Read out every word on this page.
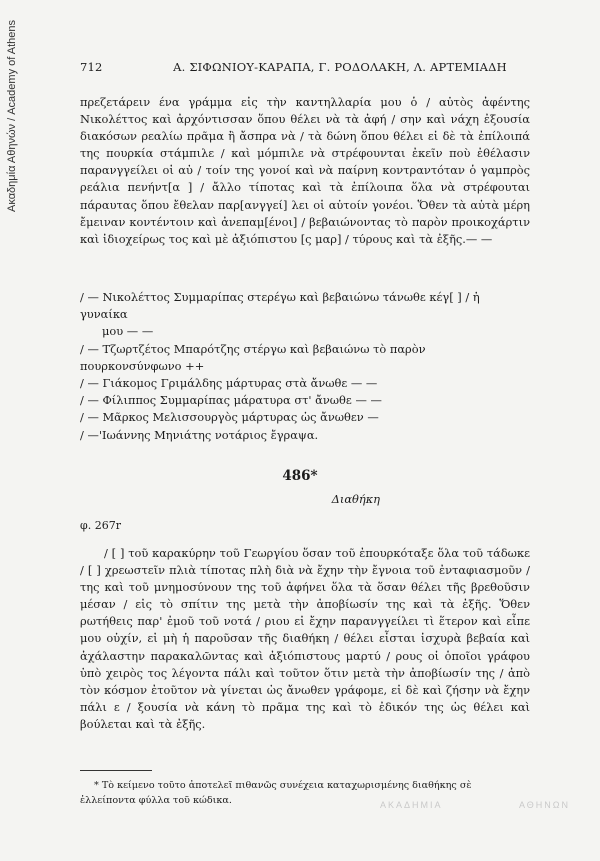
Ακαδημία Αθηνών / Academy of Athens	712	Α. ΣΙΦΩΝΙΟΥ-ΚΑΡΑΠΑ, Γ. ΡΟΔΟΛΑΚΗ, Λ. ΑΡΤΕΜΙΑΔΗ

πρεζετάρειν ένα γράμμα εἰς τὴν καντηλλαρία μου ὁ / αὐτὸς ἀφέντης Νικολέττος καὶ ἀρχόντισσαν ὅπου θέλει νὰ τὰ ἀφή / σην καὶ νάχη ἐξουσία διακόσων ρεαλίω πρᾶμα ἢ ἄσπρα νὰ / τὰ δώνη ὅπου θέλει εἰ δὲ τὰ ἐπίλοιπά της πουρκία στάμπιλε / καὶ μόμπιλε νὰ στρέφουνται ἐκεῖν ποὺ ἐθέλασιν παρανγγείλει οἱ αὐ / τοίν της γονοί καὶ νὰ παίρνη κοντραντόταν ὁ γαμπρὸς ρεάλια πενήντ[α ] / ἄλλο τίποτας καὶ τὰ ἐπίλοιπα ὅλα νὰ στρέφουται πάραυτας ὅπου ἔθελαν παρ[ανγγεί] λει οἱ αὐτοίν γονέοι. Ὅθεν τὰ αὐτὰ μέρη ἔμειναν κοντέντοιν καὶ ἀνεπαμ[ένοι] / βεβαιώνοντας τὸ παρὸν προικοχάρτιν καὶ ἰδιοχείρως τος καὶ μὲ ἀξιόπιστου [ς μαρ] / τύρους καὶ τὰ ἐξῆς.— —

/ — Νικολέττος Συμμαρίπας στερέγω καὶ βεβαιώνω τάνωθε κέγ[ ] / ἡ γυναίκα
μου — —
/ — Τζωρτζέτος Μπαρότζης στέργω καὶ βεβαιώνω τὸ παρὸν πουρκονσύνφωνο ++
/ — Γιάκομος Γριμάλδης μάρτυρας στὰ ἄνωθε — —
/ — Φίλιππος Συμμαρίπας μάρατυρα στ' ἄνωθε — —
/ — Μᾶρκος Μελισσουργὸς μάρτυρας ὡς ἄνωθεν —
/ —'Ιωάννης Μηνιάτης νοτάριος ἔγραψα.
486*
Διαθήκη
φ. 267r

/ [ ] τοῦ καρακύρην τοῦ Γεωργίου ὅσαν τοῦ ἐπουρκόταξε ὅλα τοῦ τάδωκε / [ ] χρεωστεῖν πλιὰ τίποτας πλὴ διὰ νὰ ἔχην τὴν ἔγνοια τοῦ ἐνταφιασμοῦν / της καὶ τοῦ μνημοσύνουν της τοῦ ἀφήνει ὅλα τὰ ὅσαν θέλει τῆς βρεθοῦσιν μέσαν / εἰς τὸ σπίτιν της μετὰ τὴν ἀποβίωσίν της καὶ τὰ ἐξῆς. Ὅθεν ρωτήθεις παρ' ἐμοῦ τοῦ νοτά / ριου εἰ ἔχην παρανγγείλει τὶ ἕτερον καὶ εἶπε μου οὐχίν, εἰ μὴ ἡ παροῦσαν τῆς διαθήκη / θέλει εἶσται ἰσχυρὰ βεβαία καὶ ἀχάλαστην παρακαλῶντας καὶ ἀξιόπιστους μαρτύ / ρους οἱ ὁποῖοι γράφου ὑπὸ χειρὸς τος λέγοντα πάλι καὶ τοῦτον ὅτιν μετὰ τὴν ἀποβίωσίν της / ἀπὸ τὸν κόσμον ἐτοῦτον νὰ γίνεται ὡς ἄνωθεν γράφομε, εἰ δὲ καὶ ζήσην νὰ ἔχην πάλι ε / ξουσία νὰ κάνη τὸ πρᾶμα της καὶ τὸ ἐδικόν της ὡς θέλει καὶ βούλεται καὶ τὰ ἐξῆς.

* Τὸ κείμενο τοῦτο ἀποτελεῖ πιθανῶς συνέχεια καταχωρισμένης διαθήκης σὲ ἐλλείποντα φύλλα τοῦ κώδικα.	ΑΚΑΔΗΜΙΑ	ΑΘΗΝΩΝ
